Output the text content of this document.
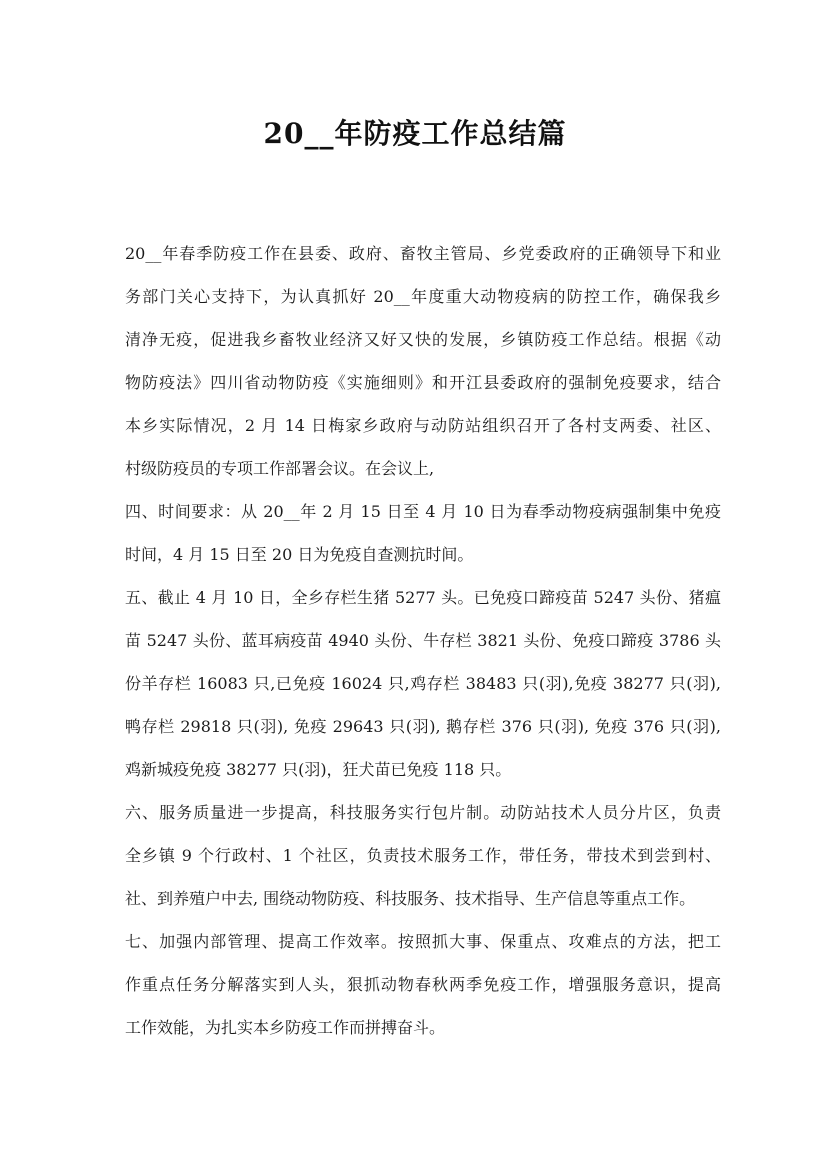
20__年防疫工作总结篇
20__年春季防疫工作在县委、政府、畜牧主管局、乡党委政府的正确领导下和业
务部门关心支持下，为认真抓好 20__年度重大动物疫病的防控工作，确保我乡
清净无疫，促进我乡畜牧业经济又好又快的发展，乡镇防疫工作总结。根据《动
物防疫法》四川省动物防疫《实施细则》和开江县委政府的强制免疫要求，结合
本乡实际情况，2 月 14 日梅家乡政府与动防站组织召开了各村支两委、社区、
村级防疫员的专项工作部署会议。在会议上,
四、时间要求：从 20__年 2 月 15 日至 4 月 10 日为春季动物疫病强制集中免疫
时间，4 月 15 日至 20 日为免疫自查测抗时间。
五、截止 4 月 10 日，全乡存栏生猪 5277 头。已免疫口蹄疫苗 5247 头份、猪瘟
苗 5247 头份、蓝耳病疫苗 4940 头份、牛存栏 3821 头份、免疫口蹄疫 3786 头
份羊存栏 16083 只,已免疫 16024 只,鸡存栏 38483 只(羽),免疫 38277 只(羽),
鸭存栏 29818 只(羽), 免疫 29643 只(羽), 鹅存栏 376 只(羽), 免疫 376 只(羽),
鸡新城疫免疫 38277 只(羽)，狂犬苗已免疫 118 只。
六、服务质量进一步提高，科技服务实行包片制。动防站技术人员分片区，负责
全乡镇 9 个行政村、1 个社区，负责技术服务工作，带任务，带技术到尝到村、
社、到养殖户中去, 围绕动物防疫、科技服务、技术指导、生产信息等重点工作。
七、加强内部管理、提高工作效率。按照抓大事、保重点、攻难点的方法，把工
作重点任务分解落实到人头，狠抓动物春秋两季免疫工作，增强服务意识，提高
工作效能，为扎实本乡防疫工作而拼搏奋斗。
